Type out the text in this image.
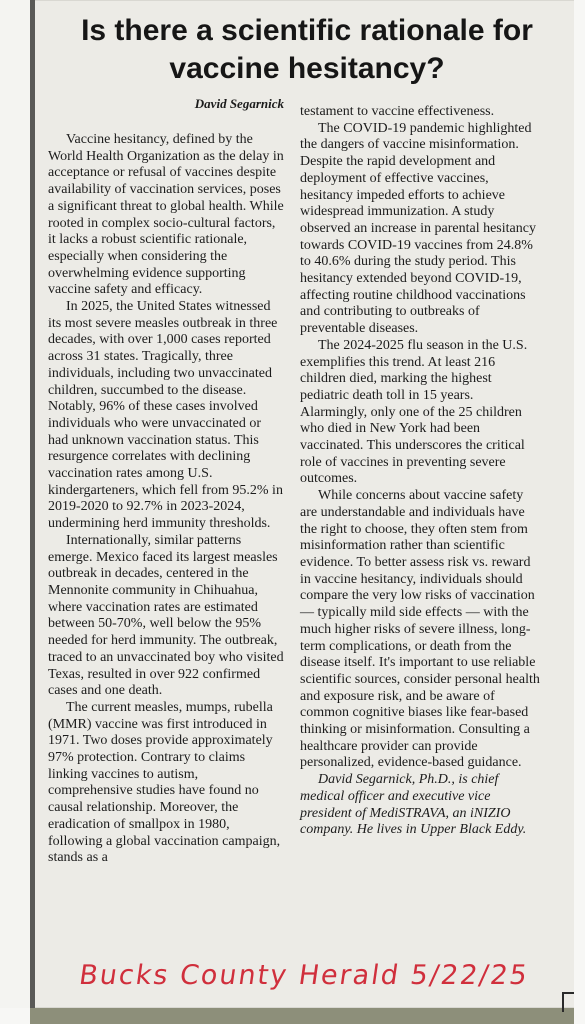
Is there a scientific rationale for vaccine hesitancy?
David Segarnick

Vaccine hesitancy, defined by the World Health Organization as the delay in acceptance or refusal of vaccines despite availability of vaccination services, poses a significant threat to global health. While rooted in complex socio-cultural factors, it lacks a robust scientific rationale, especially when considering the overwhelming evidence supporting vaccine safety and efficacy.

In 2025, the United States witnessed its most severe measles outbreak in three decades, with over 1,000 cases reported across 31 states. Tragically, three individuals, including two unvaccinated children, succumbed to the disease. Notably, 96% of these cases involved individuals who were unvaccinated or had unknown vaccination status. This resurgence correlates with declining vaccination rates among U.S. kindergarteners, which fell from 95.2% in 2019-2020 to 92.7% in 2023-2024, undermining herd immunity thresholds.

Internationally, similar patterns emerge. Mexico faced its largest measles outbreak in decades, centered in the Mennonite community in Chihuahua, where vaccination rates are estimated between 50-70%, well below the 95% needed for herd immunity. The outbreak, traced to an unvaccinated boy who visited Texas, resulted in over 922 confirmed cases and one death.

The current measles, mumps, rubella (MMR) vaccine was first introduced in 1971. Two doses provide approximately 97% protection. Contrary to claims linking vaccines to autism, comprehensive studies have found no causal relationship. Moreover, the eradication of smallpox in 1980, following a global vaccination campaign, stands as a

testament to vaccine effectiveness.

The COVID-19 pandemic highlighted the dangers of vaccine misinformation. Despite the rapid development and deployment of effective vaccines, hesitancy impeded efforts to achieve widespread immunization. A study observed an increase in parental hesitancy towards COVID-19 vaccines from 24.8% to 40.6% during the study period. This hesitancy extended beyond COVID-19, affecting routine childhood vaccinations and contributing to outbreaks of preventable diseases.

The 2024-2025 flu season in the U.S. exemplifies this trend. At least 216 children died, marking the highest pediatric death toll in 15 years. Alarmingly, only one of the 25 children who died in New York had been vaccinated. This underscores the critical role of vaccines in preventing severe outcomes.

While concerns about vaccine safety are understandable and individuals have the right to choose, they often stem from misinformation rather than scientific evidence. To better assess risk vs. reward in vaccine hesitancy, individuals should compare the very low risks of vaccination — typically mild side effects — with the much higher risks of severe illness, long-term complications, or death from the disease itself. It's important to use reliable scientific sources, consider personal health and exposure risk, and be aware of common cognitive biases like fear-based thinking or misinformation. Consulting a healthcare provider can provide personalized, evidence-based guidance.

David Segarnick, Ph.D., is chief medical officer and executive vice president of MediSTRAVA, an iNIZIO company. He lives in Upper Black Eddy.

Bucks County Herald 5/22/25
